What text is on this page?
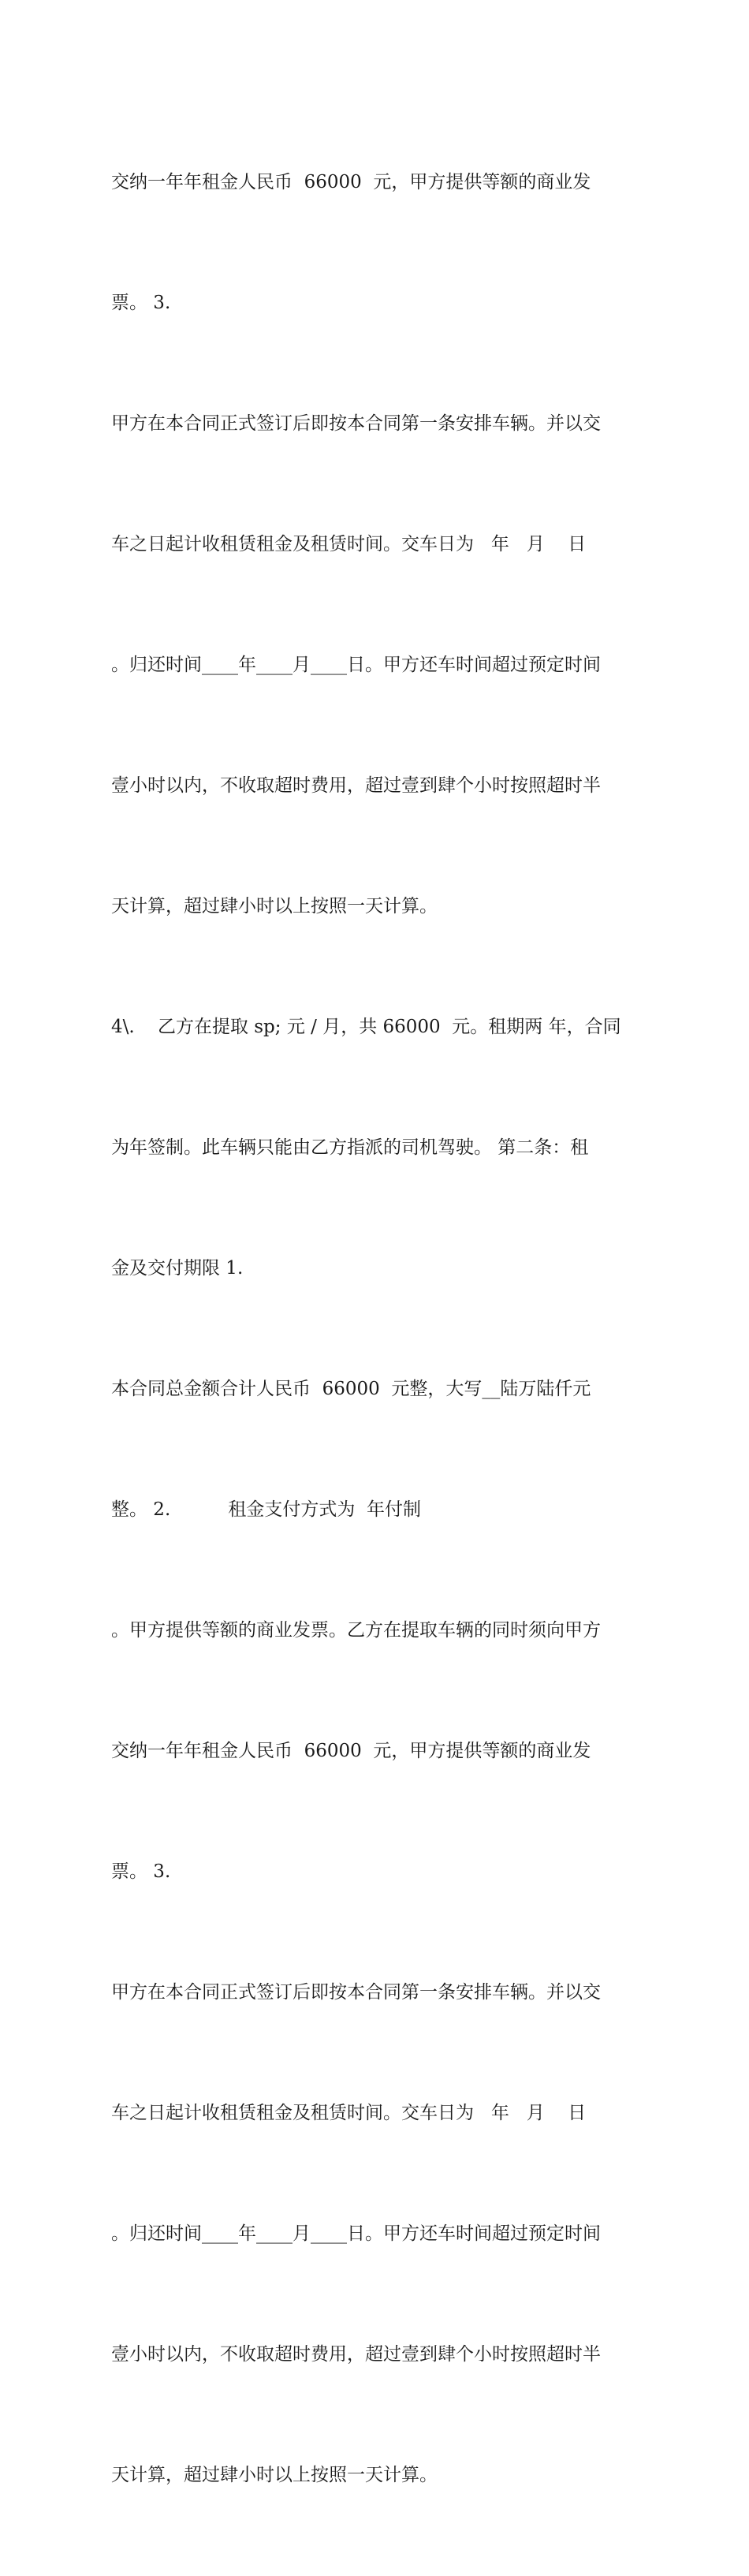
交纳一年年租金人民币  66000  元，甲方提供等额的商业发

票。 3.

甲方在本合同正式签订后即按本合同第一条安排车辆。并以交

车之日起计收租赁租金及租赁时间。交车日为   年   月    日

。归还时间____年____月____日。甲方还车时间超过预定时间

壹小时以内，不收取超时费用，超过壹到肆个小时按照超时半

天计算，超过肆小时以上按照一天计算。

4\.    乙方在提取 sp; 元 / 月，共 66000  元。租期两 年，合同

为年签制。此车辆只能由乙方指派的司机驾驶。 第二条：租

金及交付期限 1.

本合同总金额合计人民币  66000  元整，大写__陆万陆仟元

整。 2.          租金支付方式为  年付制

。甲方提供等额的商业发票。乙方在提取车辆的同时须向甲方

交纳一年年租金人民币  66000  元，甲方提供等额的商业发

票。 3.

甲方在本合同正式签订后即按本合同第一条安排车辆。并以交

车之日起计收租赁租金及租赁时间。交车日为   年   月    日

。归还时间____年____月____日。甲方还车时间超过预定时间

壹小时以内，不收取超时费用，超过壹到肆个小时按照超时半

天计算，超过肆小时以上按照一天计算。
